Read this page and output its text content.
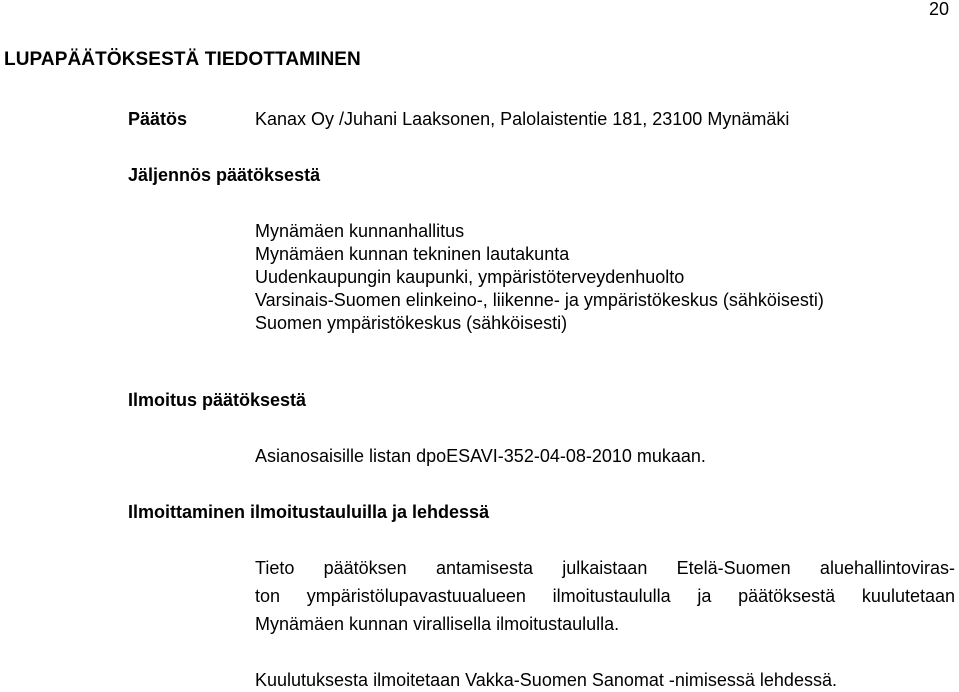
20
LUPAPÄÄTÖKSESTÄ TIEDOTTAMINEN
Päätös	Kanax Oy /Juhani Laaksonen, Palolaistentie 181, 23100 Mynämäki
Jäljennös päätöksestä
Mynämäen kunnanhallitus
Mynämäen kunnan tekninen lautakunta
Uudenkaupungin kaupunki, ympäristöterveydenhuolto
Varsinais-Suomen elinkeino-, liikenne- ja ympäristökeskus (sähköisesti)
Suomen ympäristökeskus (sähköisesti)
Ilmoitus päätöksestä
Asianosaisille listan dpoESAVI-352-04-08-2010 mukaan.
Ilmoittaminen ilmoitustauluilla ja lehdessä
Tieto päätöksen antamisesta julkaistaan Etelä-Suomen aluehallintoviras-
ton ympäristölupavastuualueen ilmoitustaululla ja päätöksestä kuulutetaan
Mynämäen kunnan virallisella ilmoitustaululla.
Kuulutuksesta ilmoitetaan Vakka-Suomen Sanomat -nimisessä lehdessä.
